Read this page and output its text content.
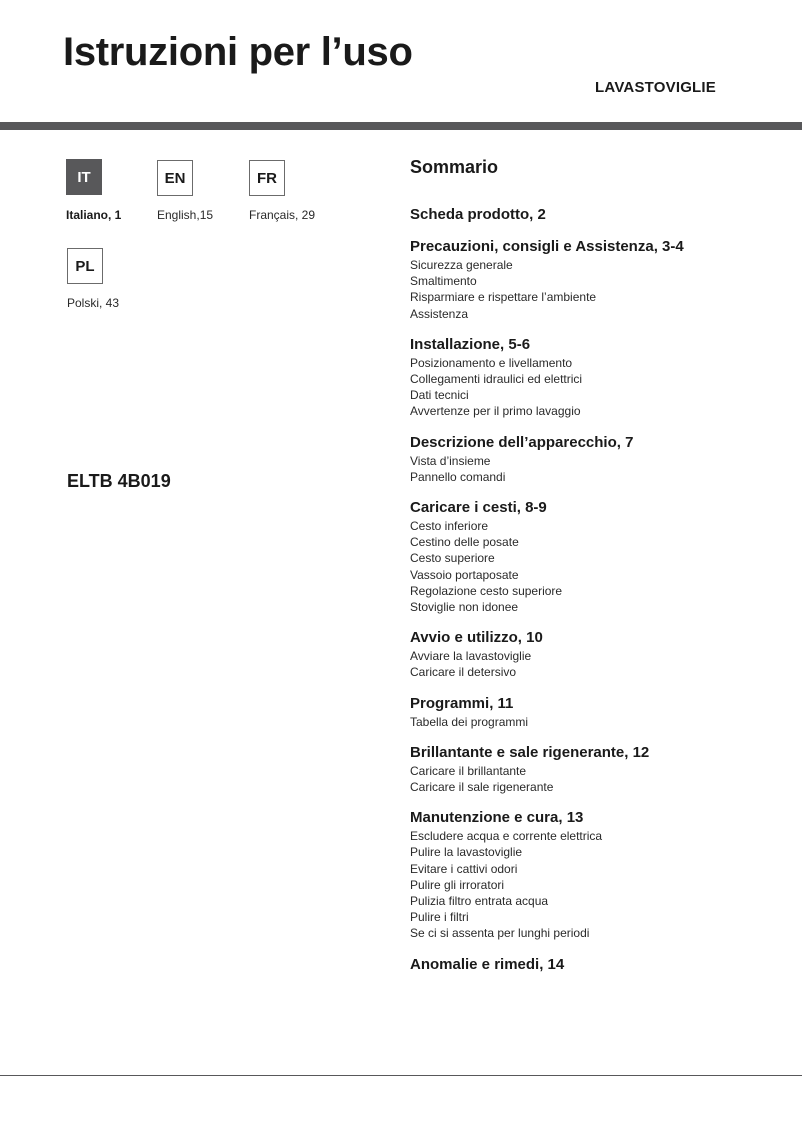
Istruzioni per l’uso
LAVASTOVIGLIE
IT
Italiano, 1
EN
English,15
FR
Français, 29
PL
Polski, 43
ELTB 4B019
Sommario
Scheda prodotto, 2
Precauzioni, consigli e Assistenza, 3-4
Sicurezza generale
Smaltimento
Risparmiare e rispettare l’ambiente
Assistenza
Installazione, 5-6
Posizionamento e livellamento
Collegamenti idraulici ed elettrici
Dati tecnici
Avvertenze per il primo lavaggio
Descrizione dell’apparecchio, 7
Vista d’insieme
Pannello comandi
Caricare i cesti, 8-9
Cesto inferiore
Cestino delle posate
Cesto superiore
Vassoio portaposate
Regolazione cesto superiore
Stoviglie non idonee
Avvio e utilizzo, 10
Avviare la lavastoviglie
Caricare il detersivo
Programmi, 11
Tabella dei programmi
Brillantante e sale rigenerante, 12
Caricare il brillantante
Caricare il sale rigenerante
Manutenzione e cura, 13
Escludere acqua e corrente elettrica
Pulire la lavastoviglie
Evitare i cattivi odori
Pulire gli irroratori
Pulizia filtro entrata acqua
Pulire i filtri
Se ci si assenta per lunghi periodi
Anomalie e rimedi, 14
